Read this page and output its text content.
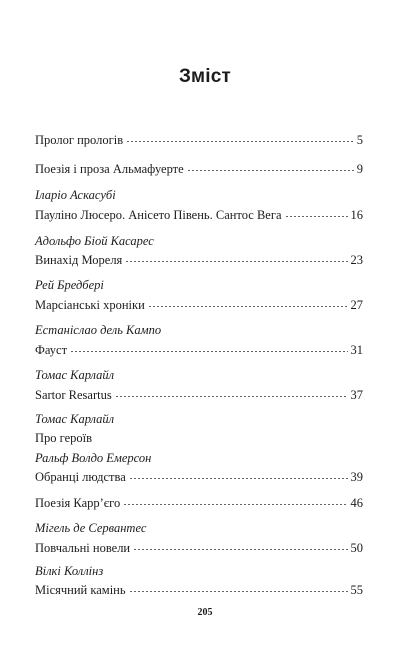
Зміст
Пролог прологів	5
Поезія і проза Альмафуерте	9
Іларіо Аскасубі
Пауліно Люсеро. Анісето Півень. Сантос Вега	16
Адольфо Біой Касарес
Винахід Мореля	23
Рей Бредбері
Марсіанські хроніки	27
Естаніслао дель Кампо
Фауст	31
Томас Карлайл
Sartor Resartus	37
Томас Карлайл
Про героїв
Ральф Волдо Емерсон
Обранці людства	39
Поезія Карр’єго	46
Мігель де Сервантес
Повчальні новели	50
Вілкі Коллінз
Місячний камінь	55
205
